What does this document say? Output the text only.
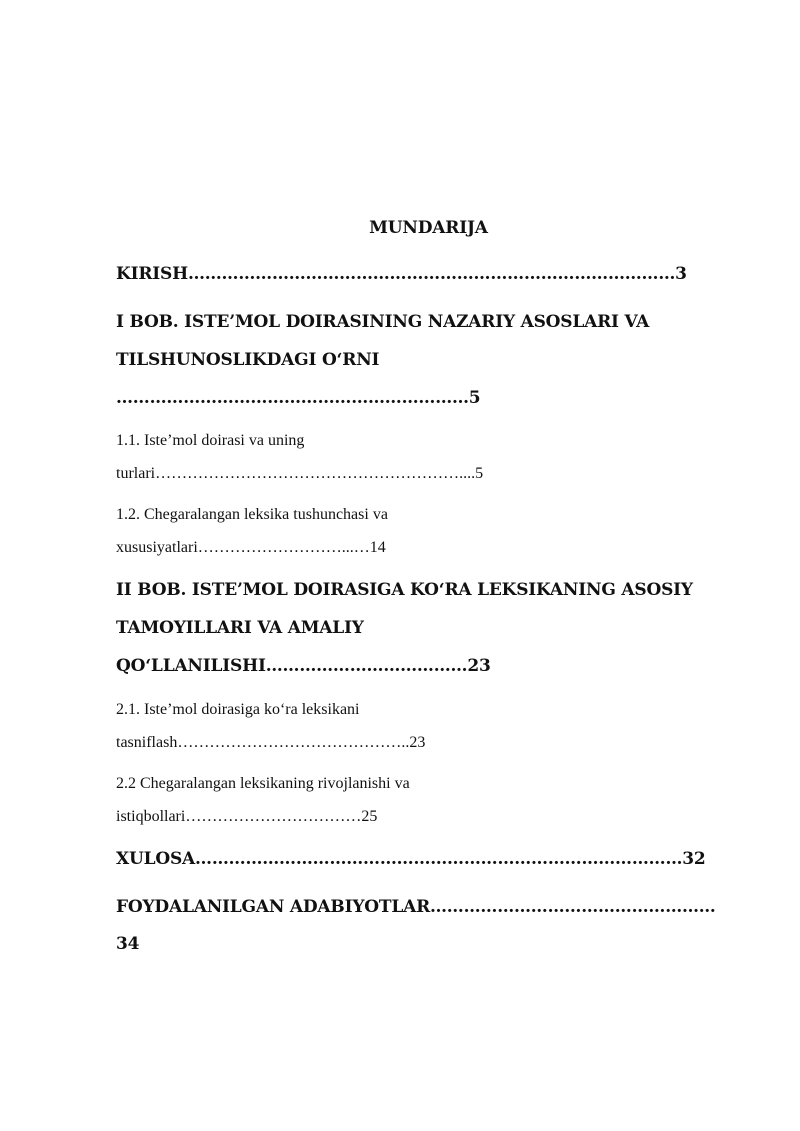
MUNDARIJA
KIRISH……………………………………………………………………………3
I BOB. ISTE’MOL DOIRASINING NAZARIY ASOSLARI VA
TILSHUNOSLIKDAGI O‘RNI
………………………………………………………5
1.1. Iste’mol doirasi va uning
turlari…………………………………………………....5
1.2. Chegaralangan leksika tushunchasi va
xususiyatlari………………………...…14
II BOB. ISTE’MOL DOIRASIGA KO‘RA LEKSIKANING ASOSIY
TAMOYILLARI VA AMALIY
QO‘LLANILISHI………………………………23
2.1. Iste’mol doirasiga ko‘ra leksikani
tasniflash……………………………………..23
2.2 Chegaralangan leksikaning rivojlanishi va
istiqbollari……………………………25
XULOSA……………………………………………………………………………32
FOYDALANILGAN ADABIYOTLAR……………………………………………
34
